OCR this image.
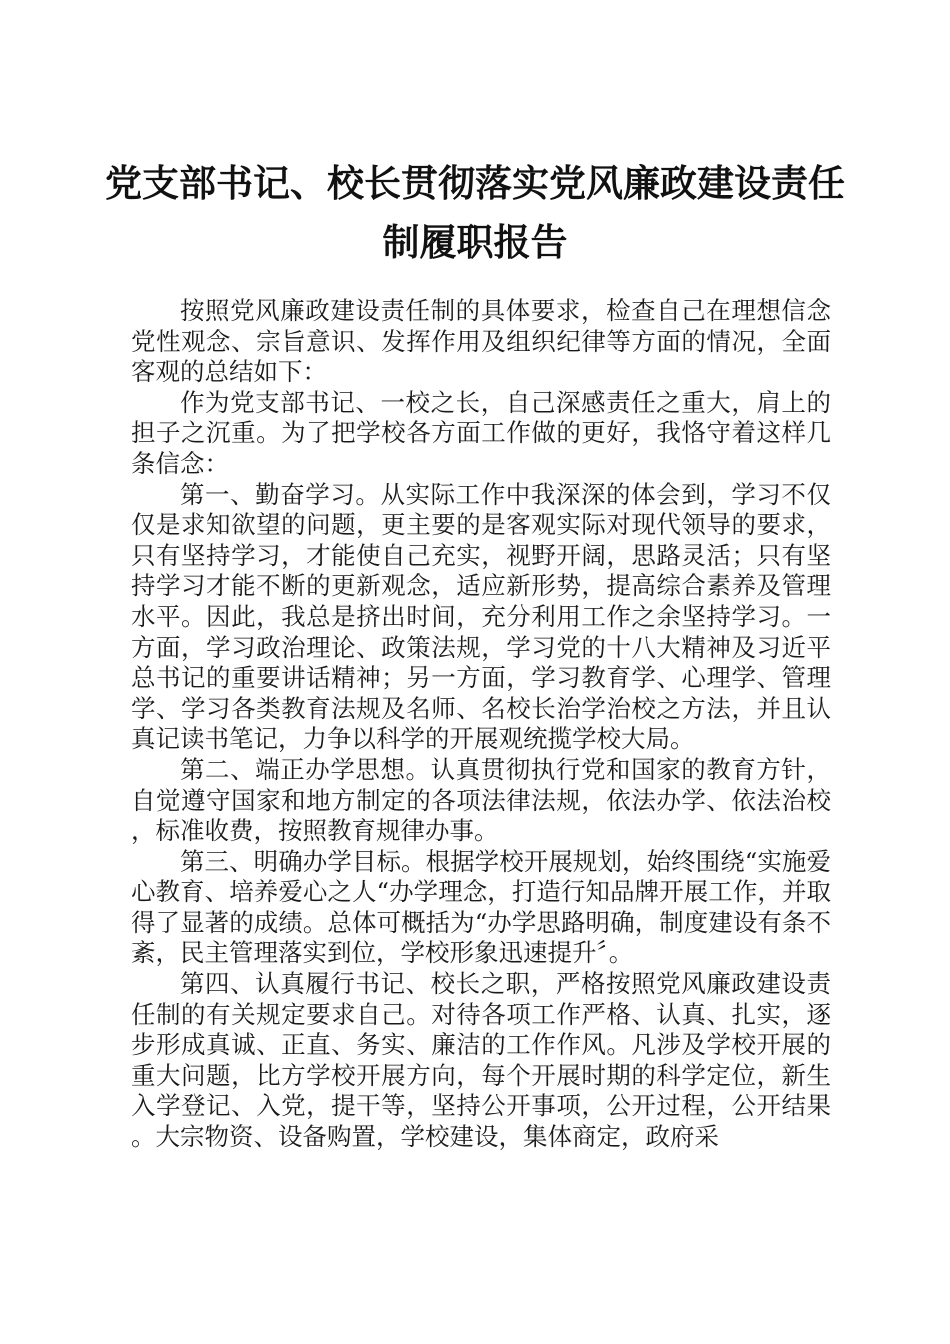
党支部书记、校长贯彻落实党风廉政建设责任
制履职报告

按照党风廉政建设责任制的具体要求，检查自己在理想信念党性观念、宗旨意识、发挥作用及组织纪律等方面的情况，全面客观的总结如下：

作为党支部书记、一校之长，自己深感责任之重大，肩上的担子之沉重。为了把学校各方面工作做的更好，我恪守着这样几条信念：

第一、勤奋学习。从实际工作中我深深的体会到，学习不仅仅是求知欲望的问题，更主要的是客观实际对现代领导的要求，只有坚持学习，才能使自己充实，视野开阔，思路灵活；只有坚持学习才能不断的更新观念，适应新形势，提高综合素养及管理水平。因此，我总是挤出时间，充分利用工作之余坚持学习。一方面，学习政治理论、政策法规，学习党的十八大精神及习近平总书记的重要讲话精神；另一方面，学习教育学、心理学、管理学、学习各类教育法规及名师、名校长治学治校之方法，并且认真记读书笔记，力争以科学的开展观统揽学校大局。

第二、端正办学思想。认真贯彻执行党和国家的教育方针，自觉遵守国家和地方制定的各项法律法规，依法办学、依法治校，标准收费，按照教育规律办事。

第三、明确办学目标。根据学校开展规划，始终围绕“实施爱心教育、培养爱心之人“办学理念，打造行知品牌开展工作，并取得了显著的成绩。总体可概括为“办学思路明确，制度建设有条不紊，民主管理落实到位，学校形象迅速提升〞。

第四、认真履行书记、校长之职，严格按照党风廉政建设责任制的有关规定要求自己。对待各项工作严格、认真、扎实，逐步形成真诚、正直、务实、廉洁的工作作风。凡涉及学校开展的重大问题，比方学校开展方向，每个开展时期的科学定位，新生入学登记、入党，提干等，坚持公开事项，公开过程，公开结果。大宗物资、设备购置，学校建设，集体商定，政府采
